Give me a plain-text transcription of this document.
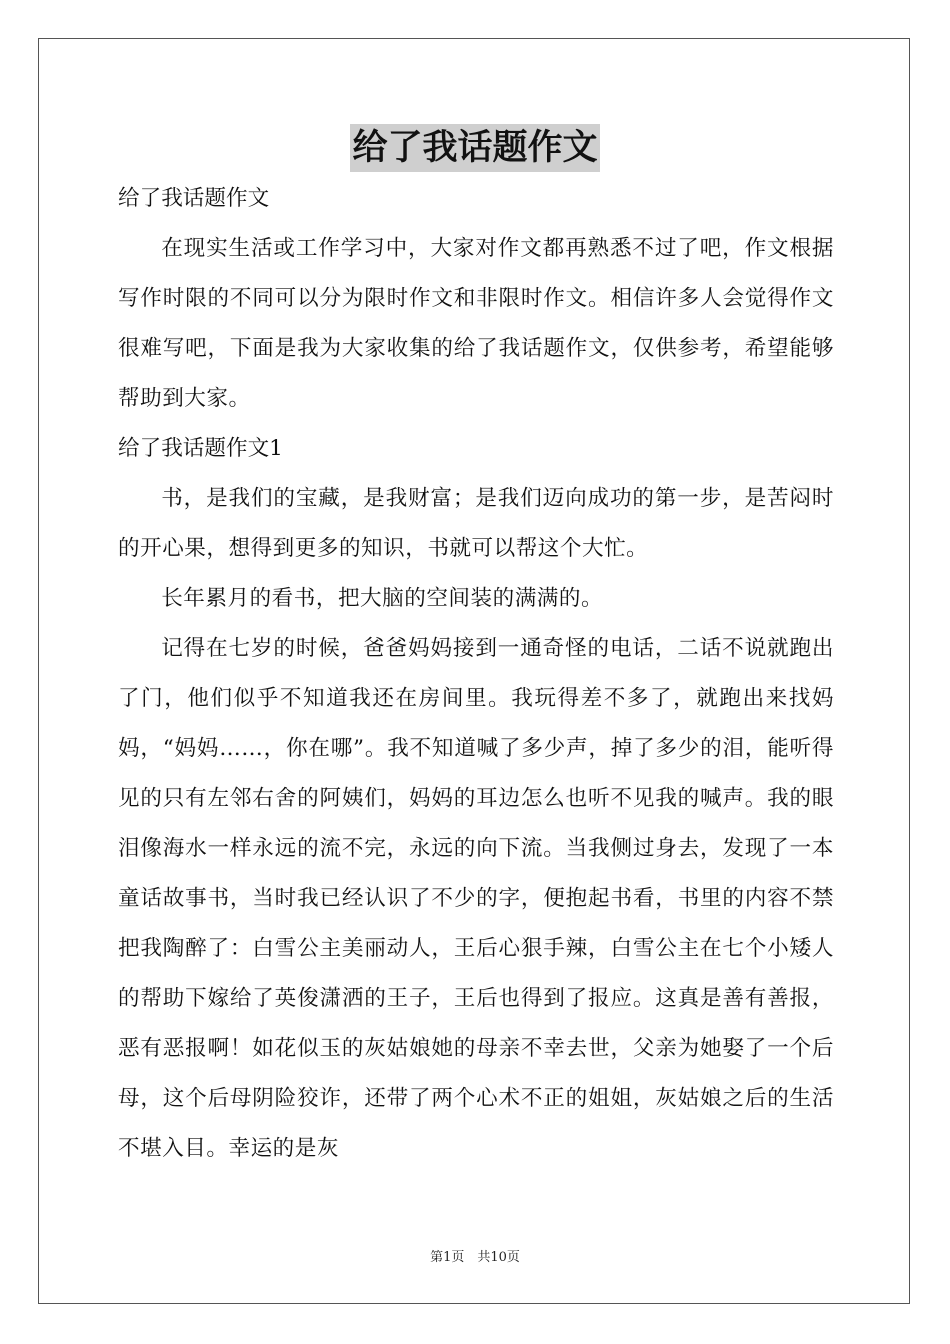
给了我话题作文
给了我话题作文

在现实生活或工作学习中，大家对作文都再熟悉不过了吧，作文根据写作时限的不同可以分为限时作文和非限时作文。相信许多人会觉得作文很难写吧，下面是我为大家收集的给了我话题作文，仅供参考，希望能够帮助到大家。

给了我话题作文1

书，是我们的宝藏，是我财富；是我们迈向成功的第一步，是苦闷时的开心果，想得到更多的知识，书就可以帮这个大忙。

长年累月的看书，把大脑的空间装的满满的。

记得在七岁的时候，爸爸妈妈接到一通奇怪的电话，二话不说就跑出了门，他们似乎不知道我还在房间里。我玩得差不多了，就跑出来找妈妈，“妈妈……，你在哪”。我不知道喊了多少声，掉了多少的泪，能听得见的只有左邻右舍的阿姨们，妈妈的耳边怎么也听不见我的喊声。我的眼泪像海水一样永远的流不完，永远的向下流。当我侧过身去，发现了一本童话故事书，当时我已经认识了不少的字，便抱起书看，书里的内容不禁把我陶醉了：白雪公主美丽动人，王后心狠手辣，白雪公主在七个小矮人的帮助下嫁给了英俊潇洒的王子，王后也得到了报应。这真是善有善报，恶有恶报啊！如花似玉的灰姑娘她的母亲不幸去世，父亲为她娶了一个后母，这个后母阴险狡诈，还带了两个心术不正的姐姐，灰姑娘之后的生活不堪入目。幸运的是灰

第1页　共10页
